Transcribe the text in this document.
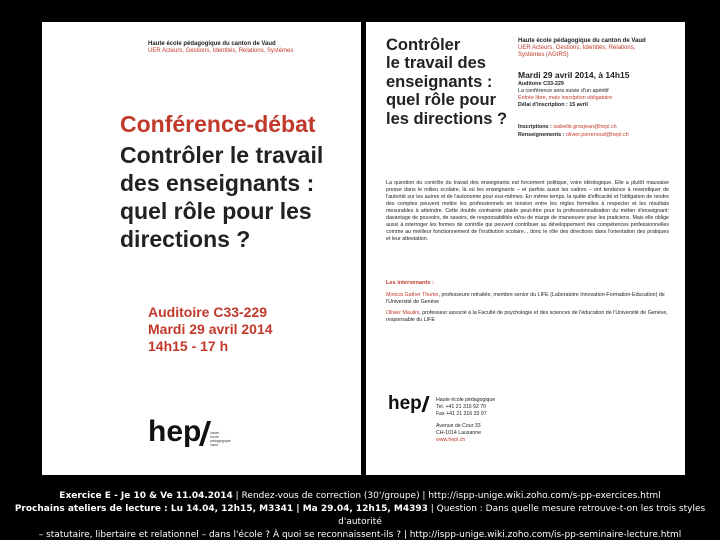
Haute école pédagogique du canton de Vaud
UER Acteurs, Gestions, Identités, Relations, Systèmes
Conférence-débat
Contrôler le travail
des enseignants :
quel rôle pour les
directions ?
Auditoire C33-229
Mardi 29 avril 2014
14h15 - 17 h
hep	haute
école
pédagogique
vaud
Contrôler
le travail des
enseignants :
quel rôle pour
les directions ?
Haute école pédagogique du canton de Vaud
UER Acteurs, Gestions, Identités, Relations,
Systèmes (AGIRS)
Mardi 29 avril 2014, à 14h15
Auditoire C33-229
La conférence sera suivie d'un apéritif
Entrée libre, mais inscription obligatoire
Délai d'inscription : 15 avril
Inscriptions : isabelle.grosjean@hepl.ch
Renseignements : olivier.perrenoud@hepl.ch
La question du contrôle du travail des enseignants est forcement politique, voire idéologique. Elle a plutôt mauvaise presse dans le milieu scolaire, là où les enseignants – et parfois aussi les cadres – ont tendance à revendiquer de l'autorité sur les autres et de l'autonomie pour eux-mêmes. En même temps, la quête d'efficacité et l'obligation de rendre des comptes peuvent mettre les professionnels en tension entre les règles formelles à respecter et les résultats mesurables à atteindre. Cette double contrainte plaide peut-être pour la professionnalisation du métier d'enseignant: davantage de pouvoirs, de savoirs, de responsabilités et/ou de marge de manoeuvre pour les praticiens. Mais elle oblige aussi à interroger les formes de contrôle qui peuvent contribuer au développement des compétences professionnelles comme au meilleur fonctionnement de l'institution scolaire... donc le rôle des directions dans l'orientation des pratiques et leur attestation.
Les intervenants :
Monica Gather Thurler, professeure retraitée, membre senior du LIFE (Laboratoire Innovation-Formation-Education) de l'Université de Genève
Olivier Maulini, professeur associé à la Faculté de psychologie et des sciences de l'éducation de l'Université de Genève, responsable du LIFE
hep	Haute école pédagogique
Tel. +41 21 316 92 70
Fax +41 21 316 33 97
Avenue de Cour 33
CH-1014 Lausanne
www.hepl.ch
Exercice E - Je 10 & Ve 11.04.2014 | Rendez-vous de correction (30'/groupe) | http://ispp-unige.wiki.zoho.com/s-pp-exercices.html
Prochains ateliers de lecture : Lu 14.04, 12h15, M3341 | Ma 29.04, 12h15, M4393 | Question : Dans quelle mesure retrouve-t-on les trois styles d'autorité
– statutaire, libertaire et relationnel – dans l'école ? À quoi se reconnaissent-ils ? | http://ispp-unige.wiki.zoho.com/is-pp-seminaire-lecture.html
